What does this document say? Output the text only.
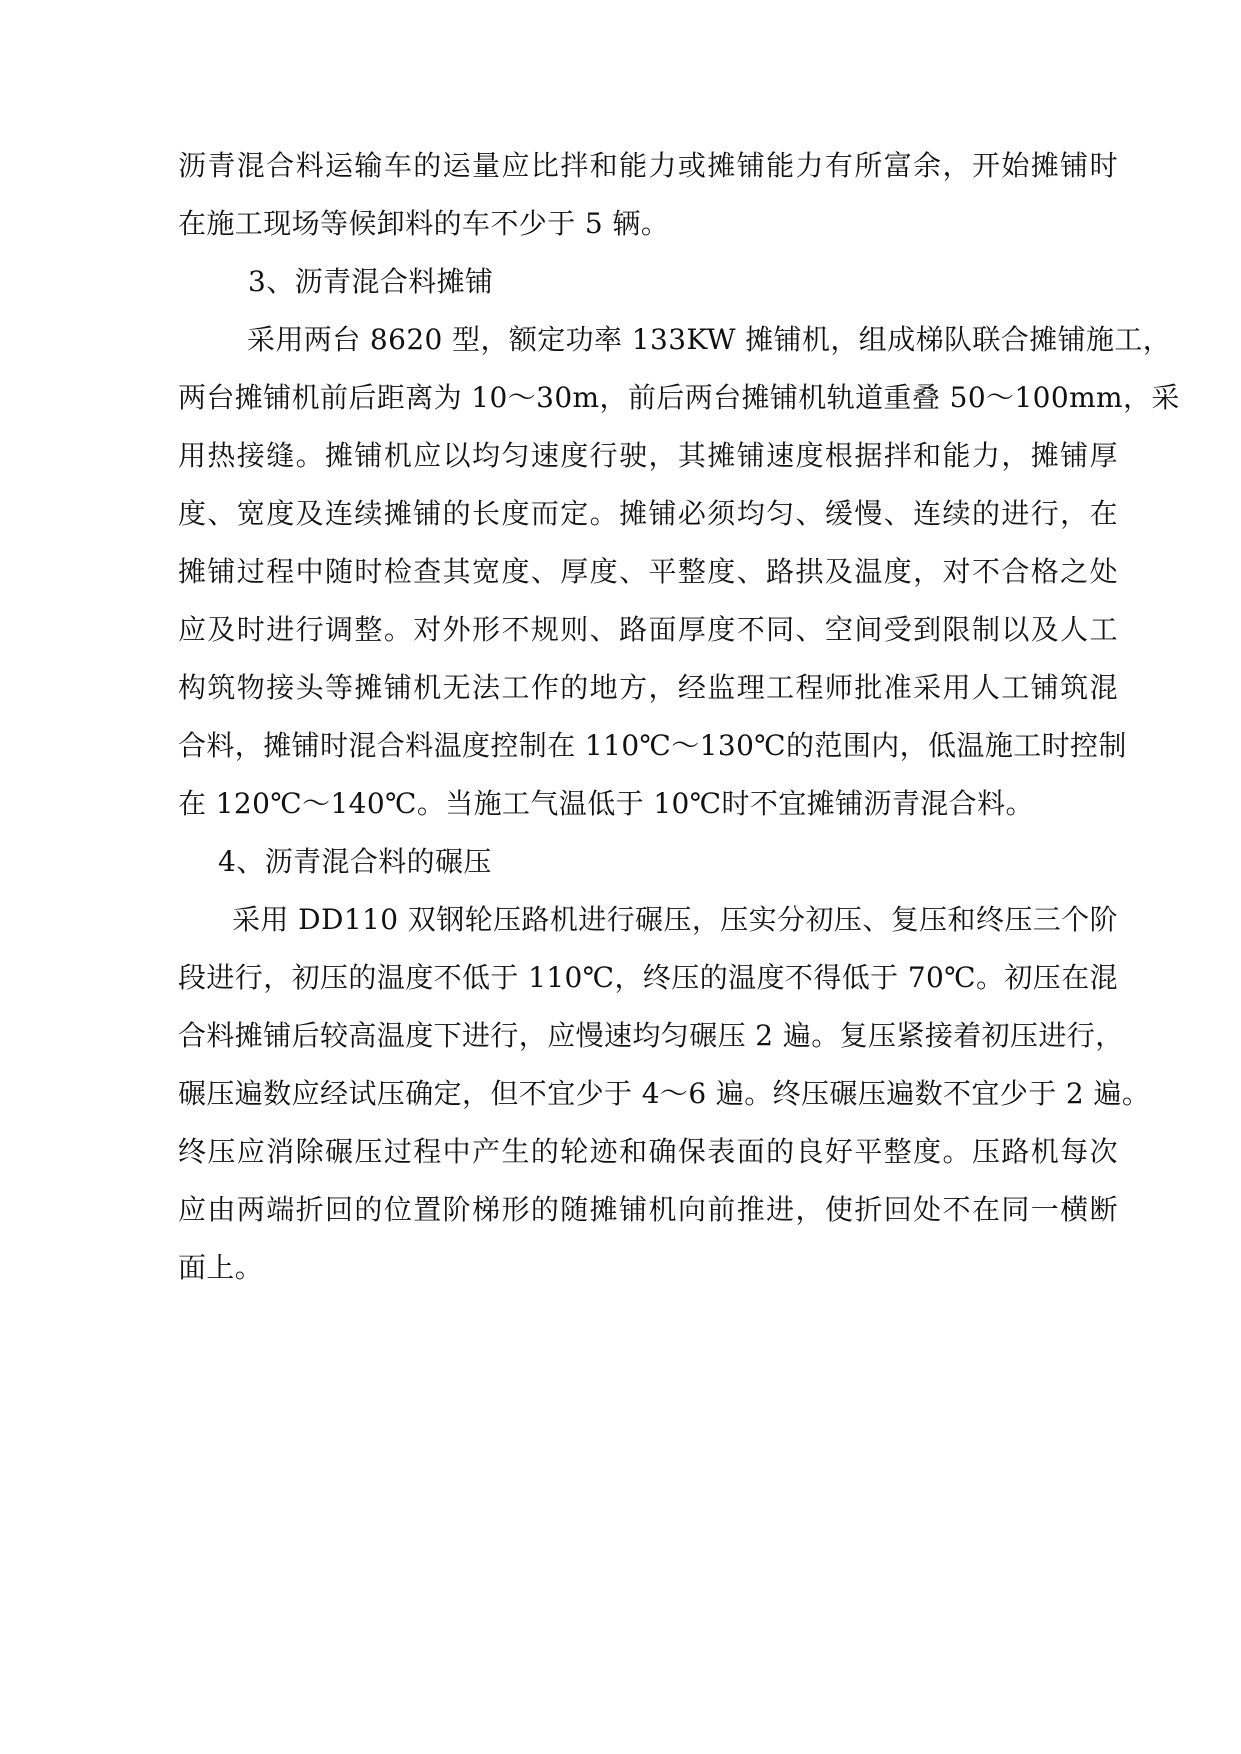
沥青混合料运输车的运量应比拌和能力或摊铺能力有所富余，开始摊铺时
在施工现场等候卸料的车不少于 5 辆。
3、沥青混合料摊铺
采用两台 8620 型，额定功率 133KW 摊铺机，组成梯队联合摊铺施工，
两台摊铺机前后距离为 10～30m，前后两台摊铺机轨道重叠 50～100mm，采
用热接缝。摊铺机应以均匀速度行驶，其摊铺速度根据拌和能力，摊铺厚
度、宽度及连续摊铺的长度而定。摊铺必须均匀、缓慢、连续的进行，在
摊铺过程中随时检查其宽度、厚度、平整度、路拱及温度，对不合格之处
应及时进行调整。对外形不规则、路面厚度不同、空间受到限制以及人工
构筑物接头等摊铺机无法工作的地方，经监理工程师批准采用人工铺筑混
合料，摊铺时混合料温度控制在 110℃～130℃的范围内，低温施工时控制
在 120℃～140℃。当施工气温低于 10℃时不宜摊铺沥青混合料。
4、沥青混合料的碾压
采用 DD110 双钢轮压路机进行碾压，压实分初压、复压和终压三个阶
段进行，初压的温度不低于 110℃，终压的温度不得低于 70℃。初压在混
合料摊铺后较高温度下进行，应慢速均匀碾压 2 遍。复压紧接着初压进行，
碾压遍数应经试压确定，但不宜少于 4～6 遍。终压碾压遍数不宜少于 2 遍。
终压应消除碾压过程中产生的轮迹和确保表面的良好平整度。压路机每次
应由两端折回的位置阶梯形的随摊铺机向前推进，使折回处不在同一横断
面上。
